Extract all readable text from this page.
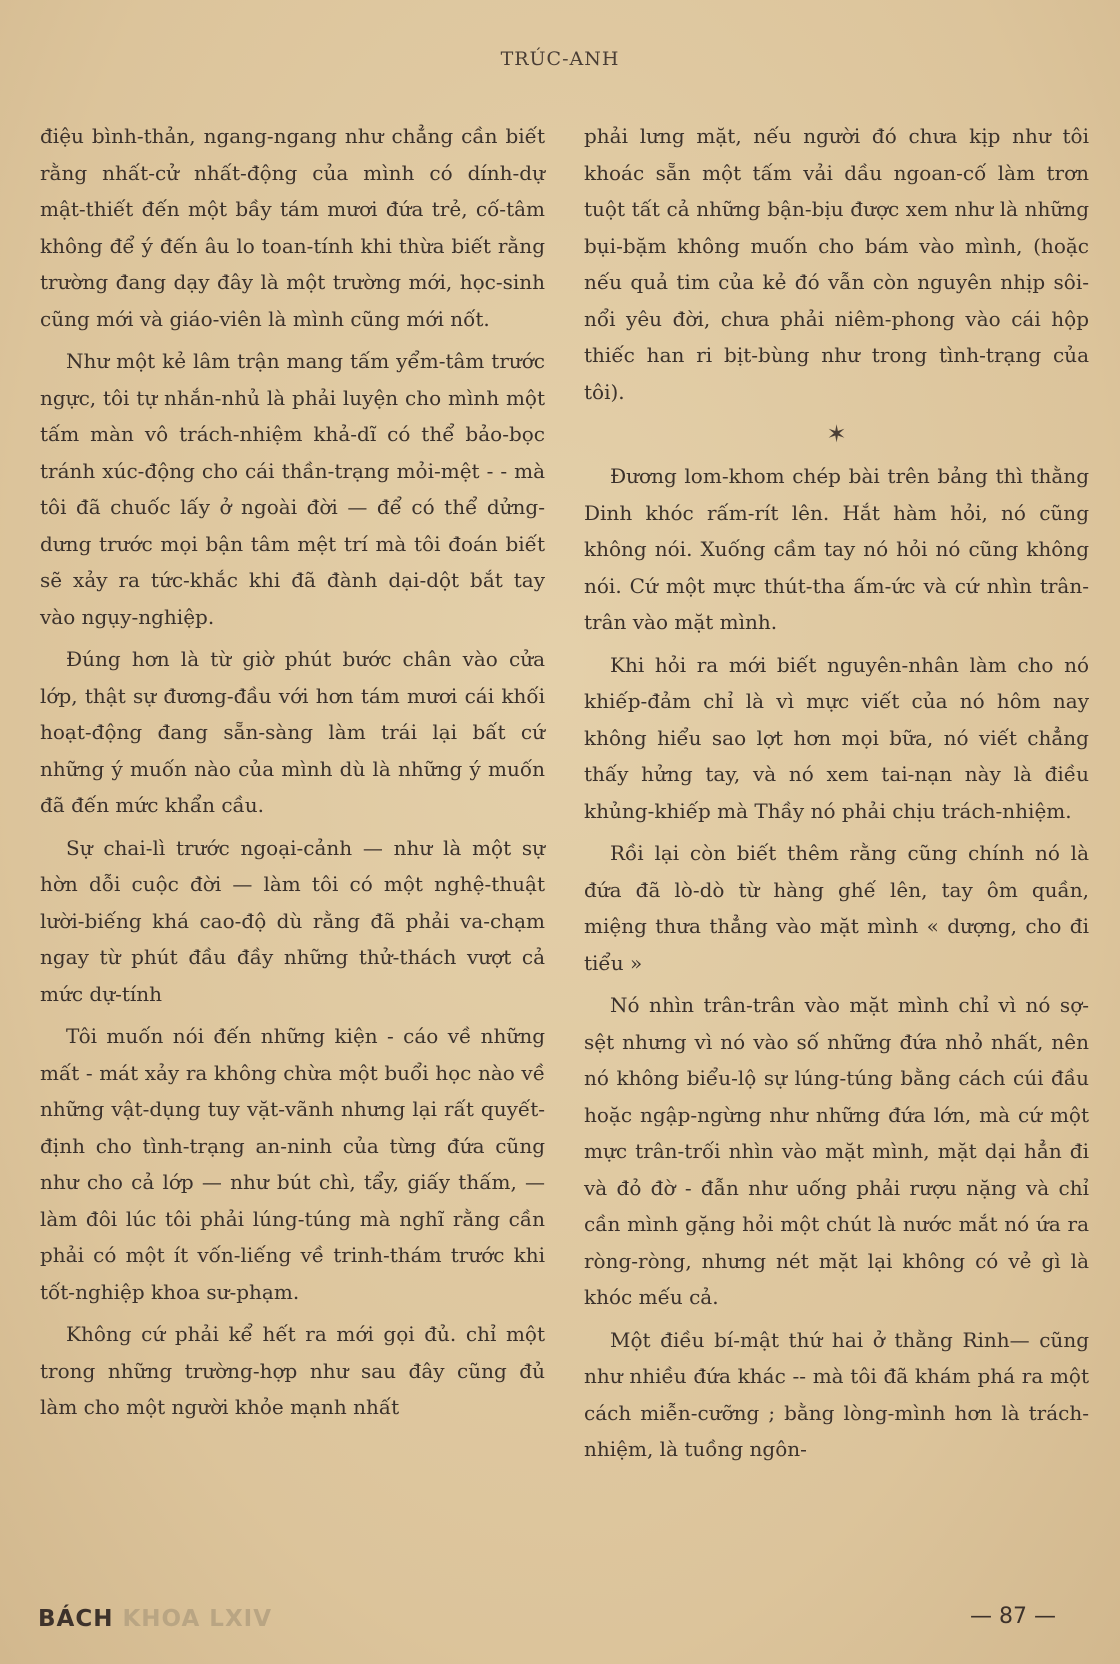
TRÚC-ANH

điệu bình-thản, ngang-ngang như chẳng cần biết rằng nhất-cử nhất-động của mình có dính-dự mật-thiết đến một bầy tám mươi đứa trẻ, cố-tâm không để ý đến âu lo toan-tính khi thừa biết rằng trường đang dạy đây là một trường mới, học-sinh cũng mới và giáo-viên là mình cũng mới nốt.

Như một kẻ lâm trận mang tấm yểm-tâm trước ngực, tôi tự nhắn-nhủ là phải luyện cho mình một tấm màn vô trách-nhiệm khả-dĩ có thể bảo-bọc tránh xúc-động cho cái thần-trạng mỏi-mệt - - mà tôi đã chuốc lấy ở ngoài đời — để có thể dửng-dưng trước mọi bận tâm mệt trí mà tôi đoán biết sẽ xảy ra tức-khắc khi đã đành dại-dột bắt tay vào ngụy-nghiệp.

Đúng hơn là từ giờ phút bước chân vào cửa lớp, thật sự đương-đầu với hơn tám mươi cái khối hoạt-động đang sẵn-sàng làm trái lại bất cứ những ý muốn nào của mình dù là những ý muốn đã đến mức khẩn cầu.

Sự chai-lì trước ngoại-cảnh — như là một sự hờn dỗi cuộc đời — làm tôi có một nghệ-thuật lười-biếng khá cao-độ dù rằng đã phải va-chạm ngay từ phút đầu đầy những thử-thách vượt cả mức dự-tính

Tôi muốn nói đến những kiện - cáo về những mất - mát xảy ra không chừa một buổi học nào về những vật-dụng tuy vặt-vãnh nhưng lại rất quyết-định cho tình-trạng an-ninh của từng đứa cũng như cho cả lớp — như bút chì, tẩy, giấy thấm, — làm đôi lúc tôi phải lúng-túng mà nghĩ rằng cần phải có một ít vốn-liếng về trinh-thám trước khi tốt-nghiệp khoa sư-phạm.

Không cứ phải kể hết ra mới gọi đủ. chỉ một trong những trường-hợp như sau đây cũng đủ làm cho một người khỏe mạnh nhất

phải lưng mặt, nếu người đó chưa kịp như tôi khoác sẵn một tấm vải dầu ngoan-cố làm trơn tuột tất cả những bận-bịu được xem như là những bụi-bặm không muốn cho bám vào mình, (hoặc nếu quả tim của kẻ đó vẫn còn nguyên nhịp sôi-nổi yêu đời, chưa phải niêm-phong vào cái hộp thiếc han ri bịt-bùng như trong tình-trạng của tôi).

✶

Đương lom-khom chép bài trên bảng thì thằng Dinh khóc rấm-rít lên. Hắt hàm hỏi, nó cũng không nói. Xuống cầm tay nó hỏi nó cũng không nói. Cứ một mực thút-tha ấm-ức và cứ nhìn trân-trân vào mặt mình.

Khi hỏi ra mới biết nguyên-nhân làm cho nó khiếp-đảm chỉ là vì mực viết của nó hôm nay không hiểu sao lợt hơn mọi bữa, nó viết chẳng thấy hửng tay, và nó xem tai-nạn này là điều khủng-khiếp mà Thầy nó phải chịu trách-nhiệm.

Rồi lại còn biết thêm rằng cũng chính nó là đứa đã lò-dò từ hàng ghế lên, tay ôm quần, miệng thưa thẳng vào mặt mình « dượng, cho đi tiểu »

Nó nhìn trân-trân vào mặt mình chỉ vì nó sợ-sệt nhưng vì nó vào số những đứa nhỏ nhất, nên nó không biểu-lộ sự lúng-túng bằng cách cúi đầu hoặc ngập-ngừng như những đứa lớn, mà cứ một mực trân-trối nhìn vào mặt mình, mặt dại hẳn đi và đỏ đờ - đẫn như uống phải rượu nặng và chỉ cần mình gặng hỏi một chút là nước mắt nó ứa ra ròng-ròng, nhưng nét mặt lại không có vẻ gì là khóc mếu cả.

Một điều bí-mật thứ hai ở thằng Rinh— cũng như nhiều đứa khác -- mà tôi đã khám phá ra một cách miễn-cưỡng ; bằng lòng-mình hơn là trách-nhiệm, là tuồng ngôn-

BÁCH KHOA LXIV	— 87 —
